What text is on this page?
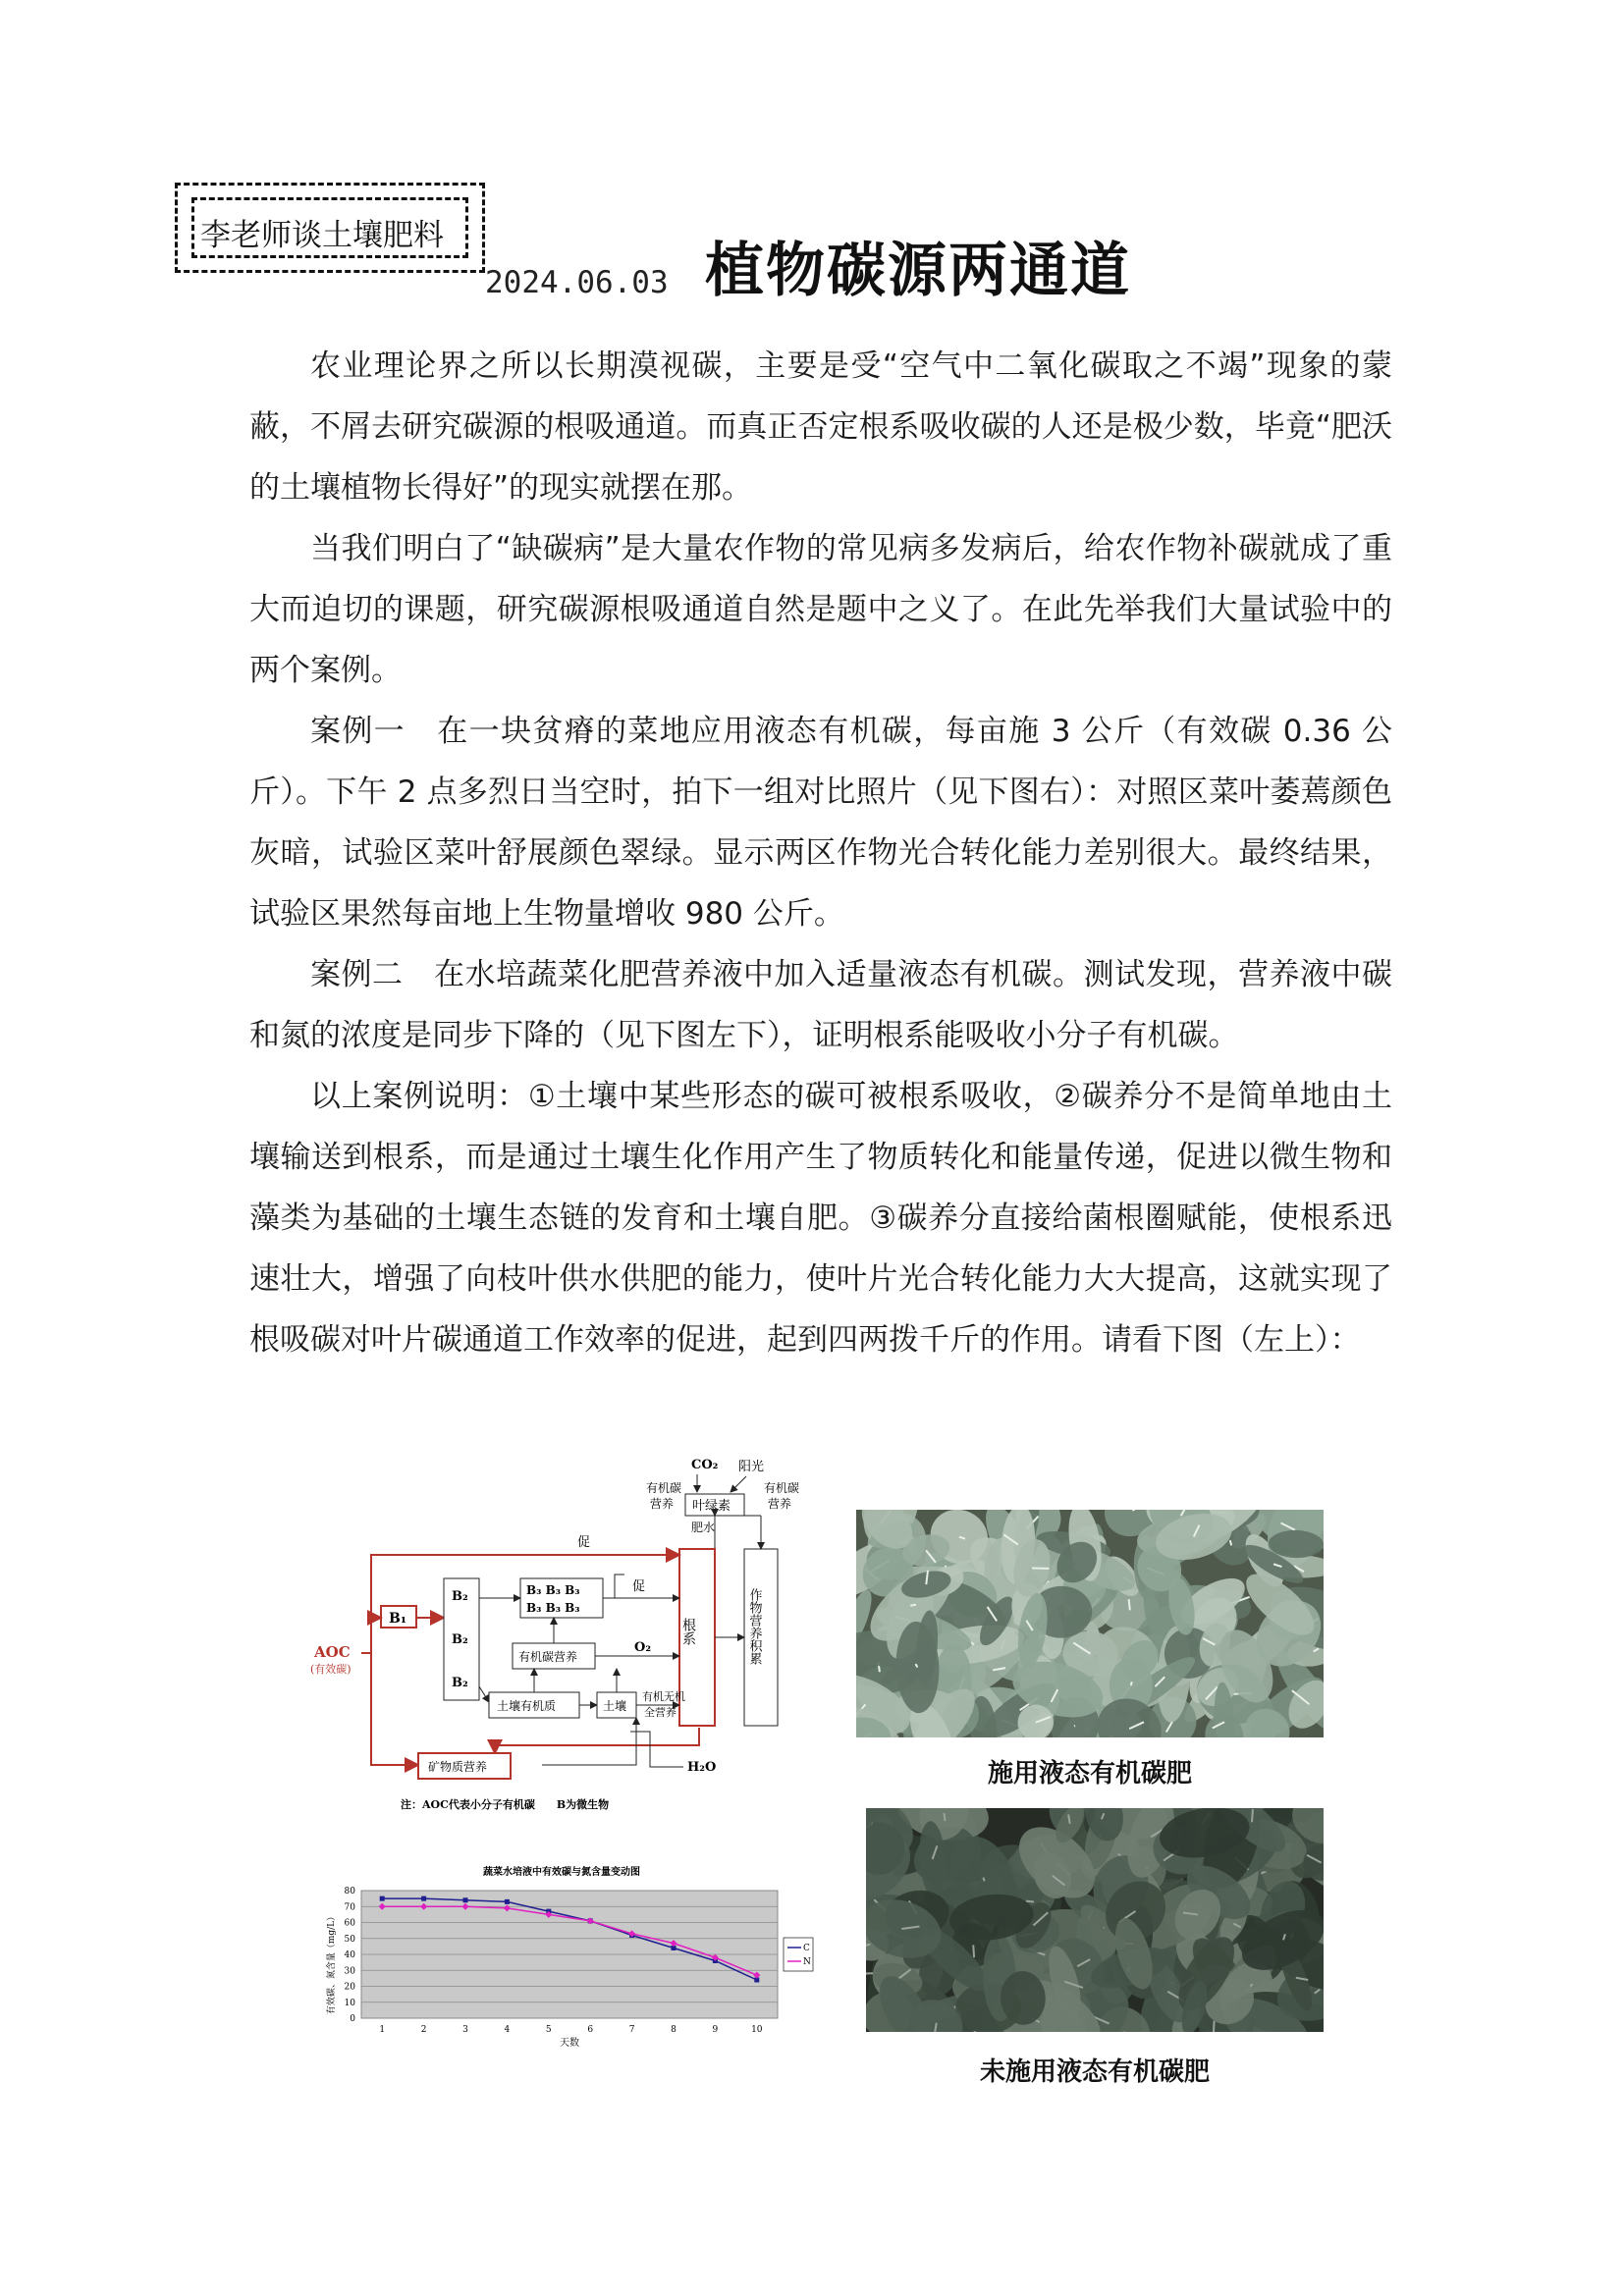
李老师谈土壤肥料
2024.06.03 植物碳源两通道

农业理论界之所以长期漠视碳，主要是受“空气中二氧化碳取之不竭”现象的蒙蔽，不屑去研究碳源的根吸通道。而真正否定根系吸收碳的人还是极少数，毕竟“肥沃的土壤植物长得好”的现实就摆在那。

当我们明白了“缺碳病”是大量农作物的常见病多发病后，给农作物补碳就成了重大而迫切的课题，研究碳源根吸通道自然是题中之义了。在此先举我们大量试验中的两个案例。

案例一　在一块贫瘠的菜地应用液态有机碳，每亩施 3 公斤（有效碳 0.36 公斤）。下午 2 点多烈日当空时，拍下一组对比照片（见下图右）：对照区菜叶萎蔫颜色灰暗，试验区菜叶舒展颜色翠绿。显示两区作物光合转化能力差别很大。最终结果，试验区果然每亩地上生物量增收 980 公斤。

案例二　在水培蔬菜化肥营养液中加入适量液态有机碳。测试发现，营养液中碳和氮的浓度是同步下降的（见下图左下），证明根系能吸收小分子有机碳。

以上案例说明：①土壤中某些形态的碳可被根系吸收，②碳养分不是简单地由土壤输送到根系，而是通过土壤生化作用产生了物质转化和能量传递，促进以微生物和藻类为基础的土壤生态链的发育和土壤自肥。③碳养分直接给菌根圈赋能，使根系迅速壮大，增强了向枝叶供水供肥的能力，使叶片光合转化能力大大提高，这就实现了根吸碳对叶片碳通道工作效率的促进，起到四两拨千斤的作用。请看下图（左上）：

CO₂ 阳光
有机碳
营养
有机碳
营养
叶绿素
肥水
根系	作物营养积累
B₁
AOC
(有效碳)
促
B₂
B₂
B₂
B₃ B₃ B₃
B₃ B₃ B₃
促
有机碳营养
O₂
土壤有机质	土壤
有机无机
全营养
矿物质营养	H₂O
注：AOC代表小分子有机碳　　B为微生物
蔬菜水培液中有效碳与氮含量变动图
有效碳、氮含量（mg/L）
天数
0
10
20
30
40
50
60
70
80
1	2	3	4	5	6	7	8	9	10
C
N
施用液态有机碳肥
未施用液态有机碳肥
